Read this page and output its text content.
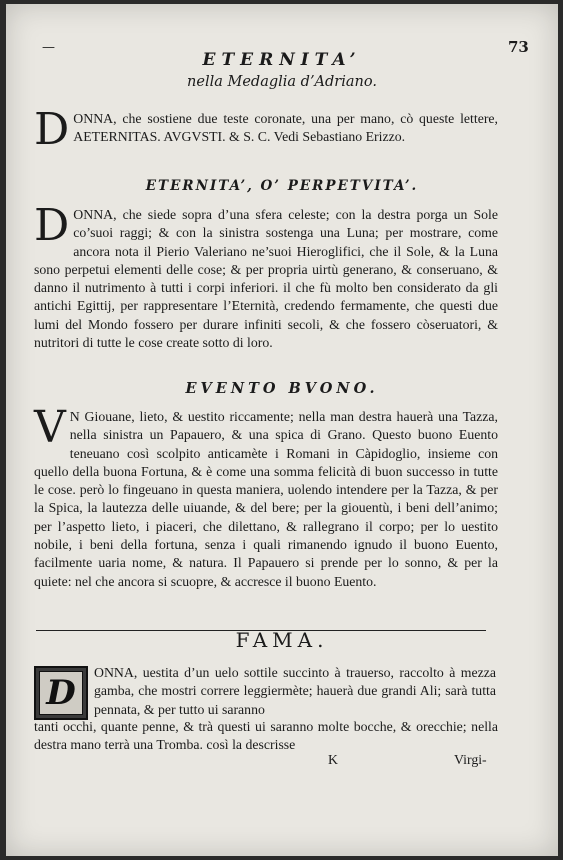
—	73
ETERNITA’
nella Medaglia d’Adriano.
DONNA, che sostiene due teste coronate, una per mano, cò queste lettere, AETERNITAS. AVGVSTI. & S. C. Vedi Sebastiano Erizzo.
ETERNITA’, O’ PERPETVITA’.
DONNA, che siede sopra d’una sfera celeste; con la destra porga un Sole co’suoi raggi; & con la sinistra sostenga una Luna; per mostrare, come ancora nota il Pierio Valeriano ne’suoi Hieroglifici, che il Sole, & la Luna sono perpetui elementi delle cose; & per propria uirtù generano, & conseruano, & danno il nutrimento à tutti i corpi inferiori. il che fù molto ben considerato da gli antichi Egittij, per rappresentare l’Eternità, credendo fermamente, che questi due lumi del Mondo fossero per durare infiniti secoli, & che fossero còseruatori, & nutritori di tutte le cose create sotto di loro.
EVENTO BVONO.
V N Giouane, lieto, & uestito riccamente; nella man destra hauerà una Tazza, nella sinistra un Papauero, & una spica di Grano. Questo buono Euento teneuano così scolpito anticamète i Romani in Càpidoglio, insieme con quello della buona Fortuna, & è come una somma felicità di buon successo in tutte le cose. però lo fingeuano in questa maniera, uolendo intendere per la Tazza, & per la Spica, la lautezza delle uiuande, & del bere; per la giouentù, i beni dell’animo; per l’aspetto lieto, i piaceri, che dilettano, & rallegrano il corpo; per lo uestito nobile, i beni della fortuna, senza i quali rimanendo ignudo il buono Euento, facilmente uaria nome, & natura. Il Papauero si prende per lo sonno, & per la quiete: nel che ancora si scuopre, & accresce il buono Euento.
FAMA.
D
ONNA, uestita d’un uelo sottile succinto à trauerso, raccolto à mezza gamba, che mostri correre leggiermète; hauerà due grandi Ali; sarà tutta pennata, & per tutto ui saranno
tanti occhi, quante penne, & trà questi ui saranno molte bocche, & orecchie; nella destra mano terrà una Tromba. così la descrisse
K	Virgi-
